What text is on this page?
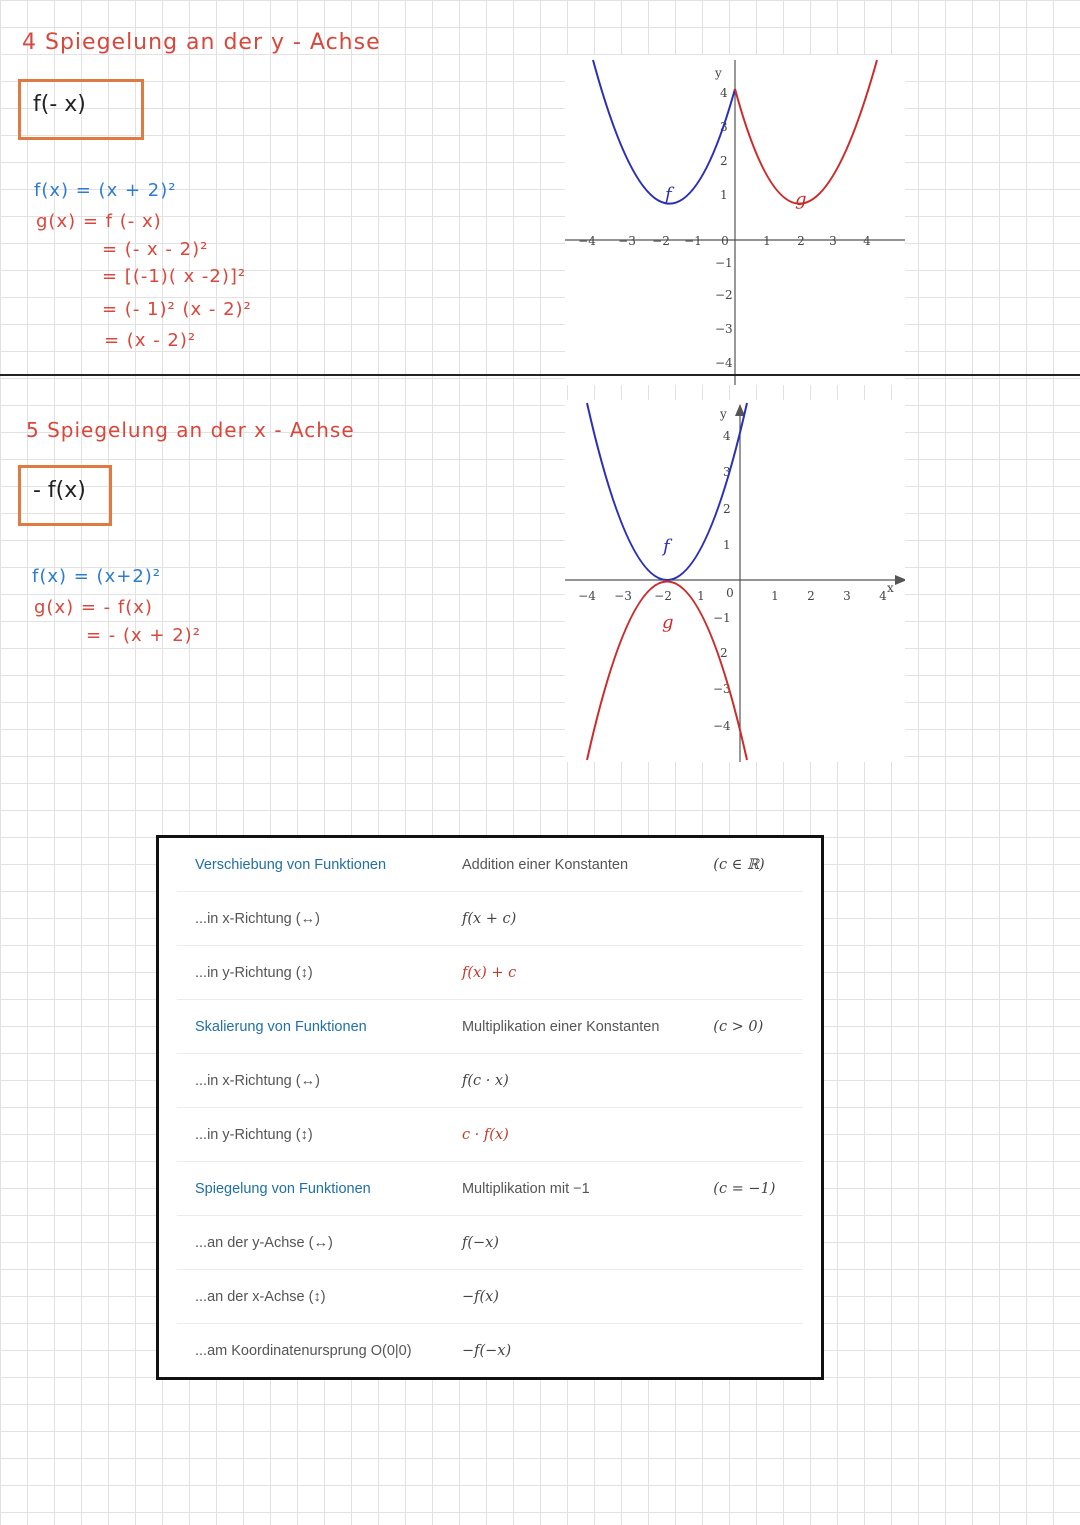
4 Spiegelung an der y - Achse
f(- x)
f(x) = (x + 2)²
g(x) = f (- x)
= (- x - 2)²
= [(-1)( x -2)]²
= (- 1)² (x - 2)²
= (x - 2)²
y
−4 −3 −2 −1 0	1 2 3 4
4
3
2
1
−1
−2
−3
−4
f	g
5 Spiegelung an der x - Achse
- f(x)
f(x) = (x+2)²
g(x) = - f(x)
= - (x + 2)²
y
x
−4 −3 −2 1 0	1 2 3 4
4
3
2
1
−1
2
−3
−4
f
g
Verschiebung von Funktionen	Addition einer Konstanten	(c ∈ ℝ)
...in x-Richtung (↔)	f(x + c)	
...in y-Richtung (↕)	f(x) + c	
Skalierung von Funktionen	Multiplikation einer Konstanten	(c > 0)
...in x-Richtung (↔)	f(c · x)	
...in y-Richtung (↕)	c · f(x)	
Spiegelung von Funktionen	Multiplikation mit −1	(c = −1)
...an der y-Achse (↔)	f(−x)	
...an der x-Achse (↕)	−f(x)	
...am Koordinatenursprung O(0|0)	−f(−x)	
